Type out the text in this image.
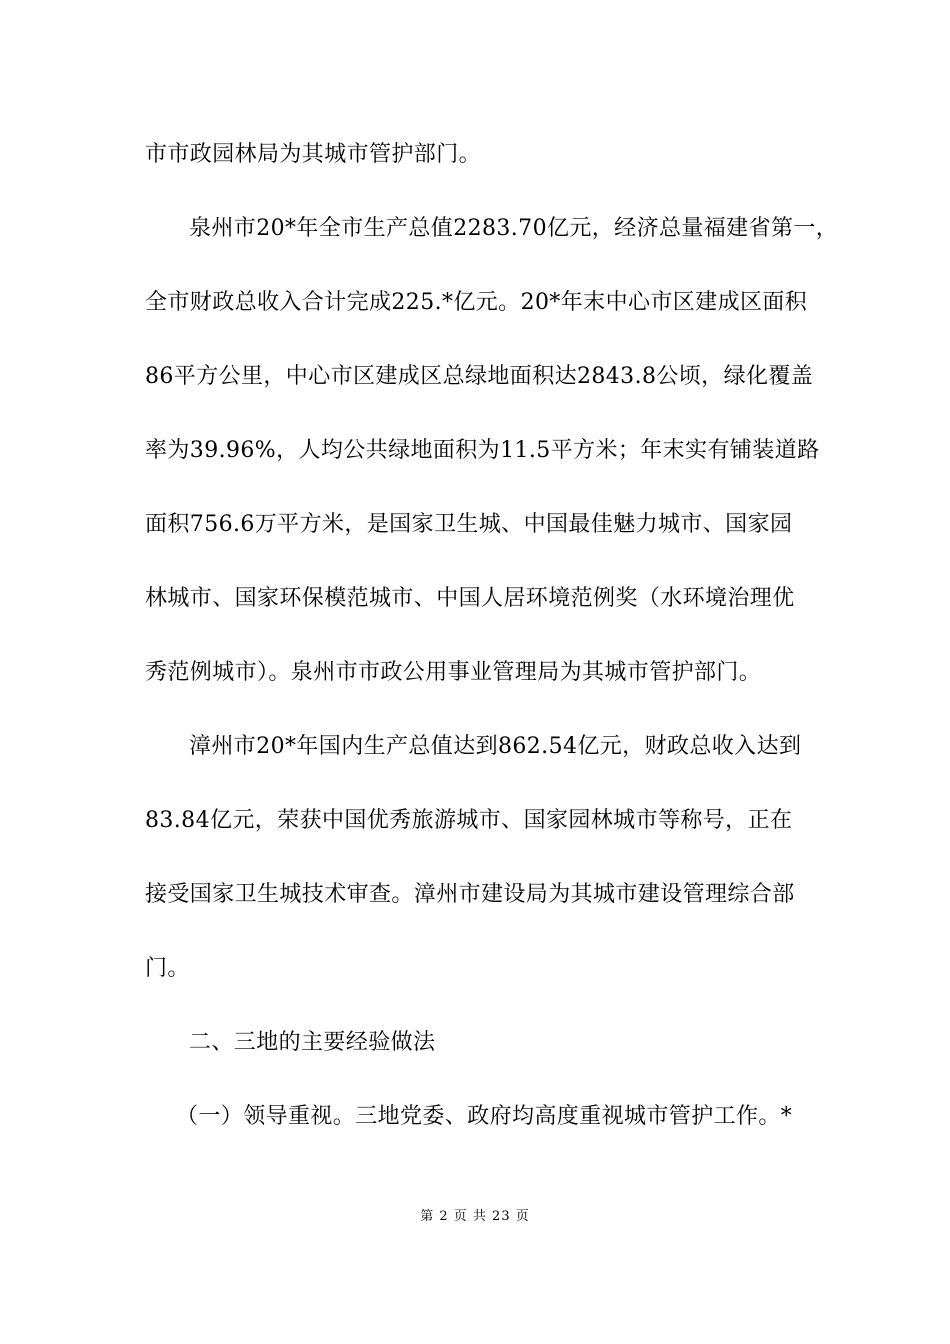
市市政园林局为其城市管护部门。
泉州市20*年全市生产总值2283.70亿元，经济总量福建省第一，
全市财政总收入合计完成225.*亿元。20*年末中心市区建成区面积
86平方公里，中心市区建成区总绿地面积达2843.8公顷，绿化覆盖
率为39.96%，人均公共绿地面积为11.5平方米；年末实有铺装道路
面积756.6万平方米，是国家卫生城、中国最佳魅力城市、国家园
林城市、国家环保模范城市、中国人居环境范例奖（水环境治理优
秀范例城市）。泉州市市政公用事业管理局为其城市管护部门。
漳州市20*年国内生产总值达到862.54亿元，财政总收入达到
83.84亿元，荣获中国优秀旅游城市、国家园林城市等称号，正在
接受国家卫生城技术审查。漳州市建设局为其城市建设管理综合部
门。
二、三地的主要经验做法
（一）领导重视。三地党委、政府均高度重视城市管护工作。*
第 2 页 共 23 页
